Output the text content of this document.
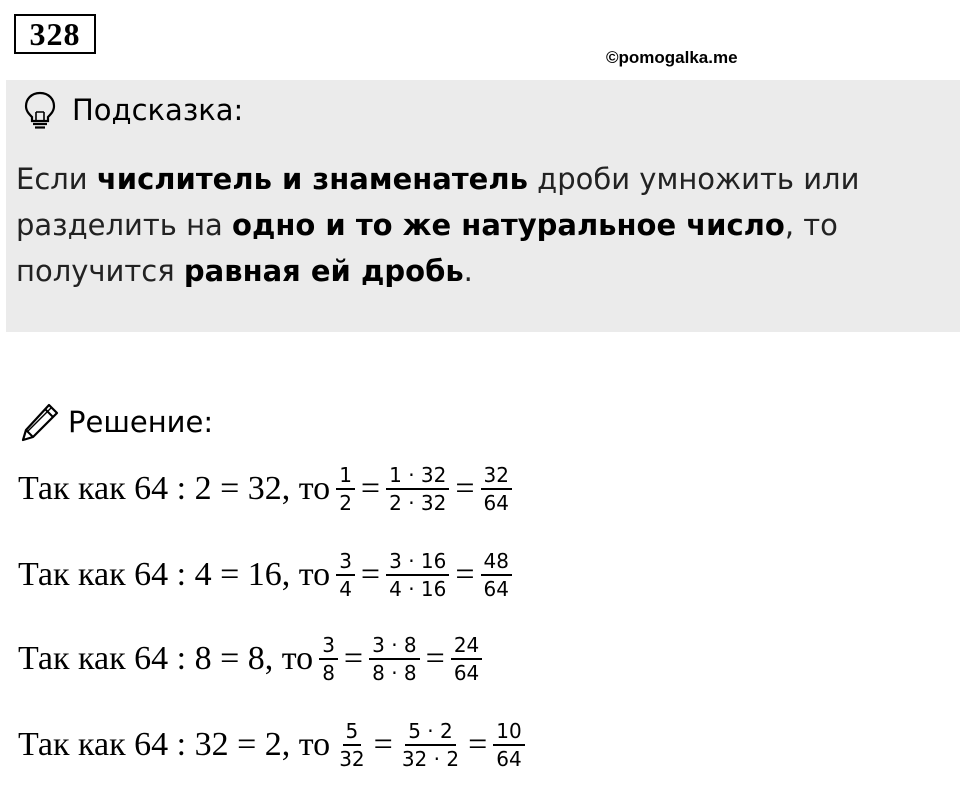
328
©pomogalka.me
Подсказка:
Если числитель и знаменатель дроби умножить или разделить на одно и то же натуральное число, то получится равная ей дробь.
Решение:
Так как 64 : 2 = 32, то $\frac{1}{2} = \frac{1 \cdot 32}{2 \cdot 32} = \frac{32}{64}$
Так как 64 : 4 = 16, то $\frac{3}{4} = \frac{3 \cdot 16}{4 \cdot 16} = \frac{48}{64}$
Так как 64 : 8 = 8, то $\frac{3}{8} = \frac{3 \cdot 8}{8 \cdot 8} = \frac{24}{64}$
Так как 64 : 32 = 2, то $\frac{5}{32} = \frac{5 \cdot 2}{32 \cdot 2} = \frac{10}{64}$
